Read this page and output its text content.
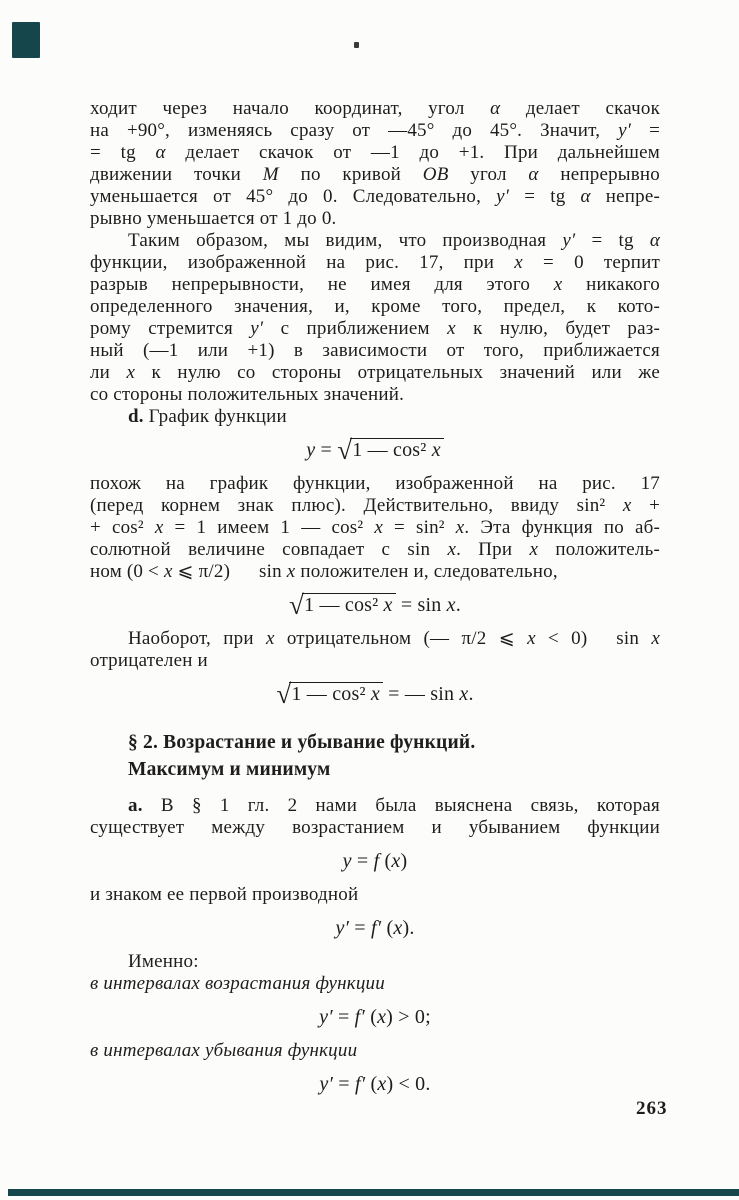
ходит через начало координат, угол α делает скачок
на +90°, изменяясь сразу от —45° до 45°. Значит, y′ =
= tg α делает скачок от —1 до +1. При дальнейшем
движении точки M по кривой OB угол α непрерывно
уменьшается от 45° до 0. Следовательно, y′ = tg α непре-
рывно уменьшается от 1 до 0.

Таким образом, мы видим, что производная y′ = tg α
функции, изображенной на рис. 17, при x = 0 терпит
разрыв непрерывности, не имея для этого x никакого
определенного значения, и, кроме того, предел, к кото-
рому стремится y′ с приближением x к нулю, будет раз-
ный (—1 или +1) в зависимости от того, приближается
ли x к нулю со стороны отрицательных значений или же
со стороны положительных значений.

d. График функции

y = √1 — cos² x

похож на график функции, изображенной на рис. 17
(перед корнем знак плюс). Действительно, ввиду sin² x +
+ cos² x = 1 имеем 1 — cos² x = sin² x. Эта функция по аб-
солютной величине совпадает с sin x. При x положитель-
ном (0 < x ⩽ π/2)  sin x положителен и, следовательно,

√1 — cos² x = sin x.

Наоборот, при x отрицательном (— π/2 ⩽ x < 0)  sin x
отрицателен и

√1 — cos² x = — sin x.
§ 2. Возрастание и убывание функций.
Максимум и минимум

a. В § 1 гл. 2 нами была выяснена связь, которая
существует между возрастанием и убыванием функции

y = f (x)

и знаком ее первой производной

y′ = f′ (x).

Именно:

в интервалах возрастания функции

y′ = f′ (x) > 0;

в интервалах убывания функции

y′ = f′ (x) < 0.
263
